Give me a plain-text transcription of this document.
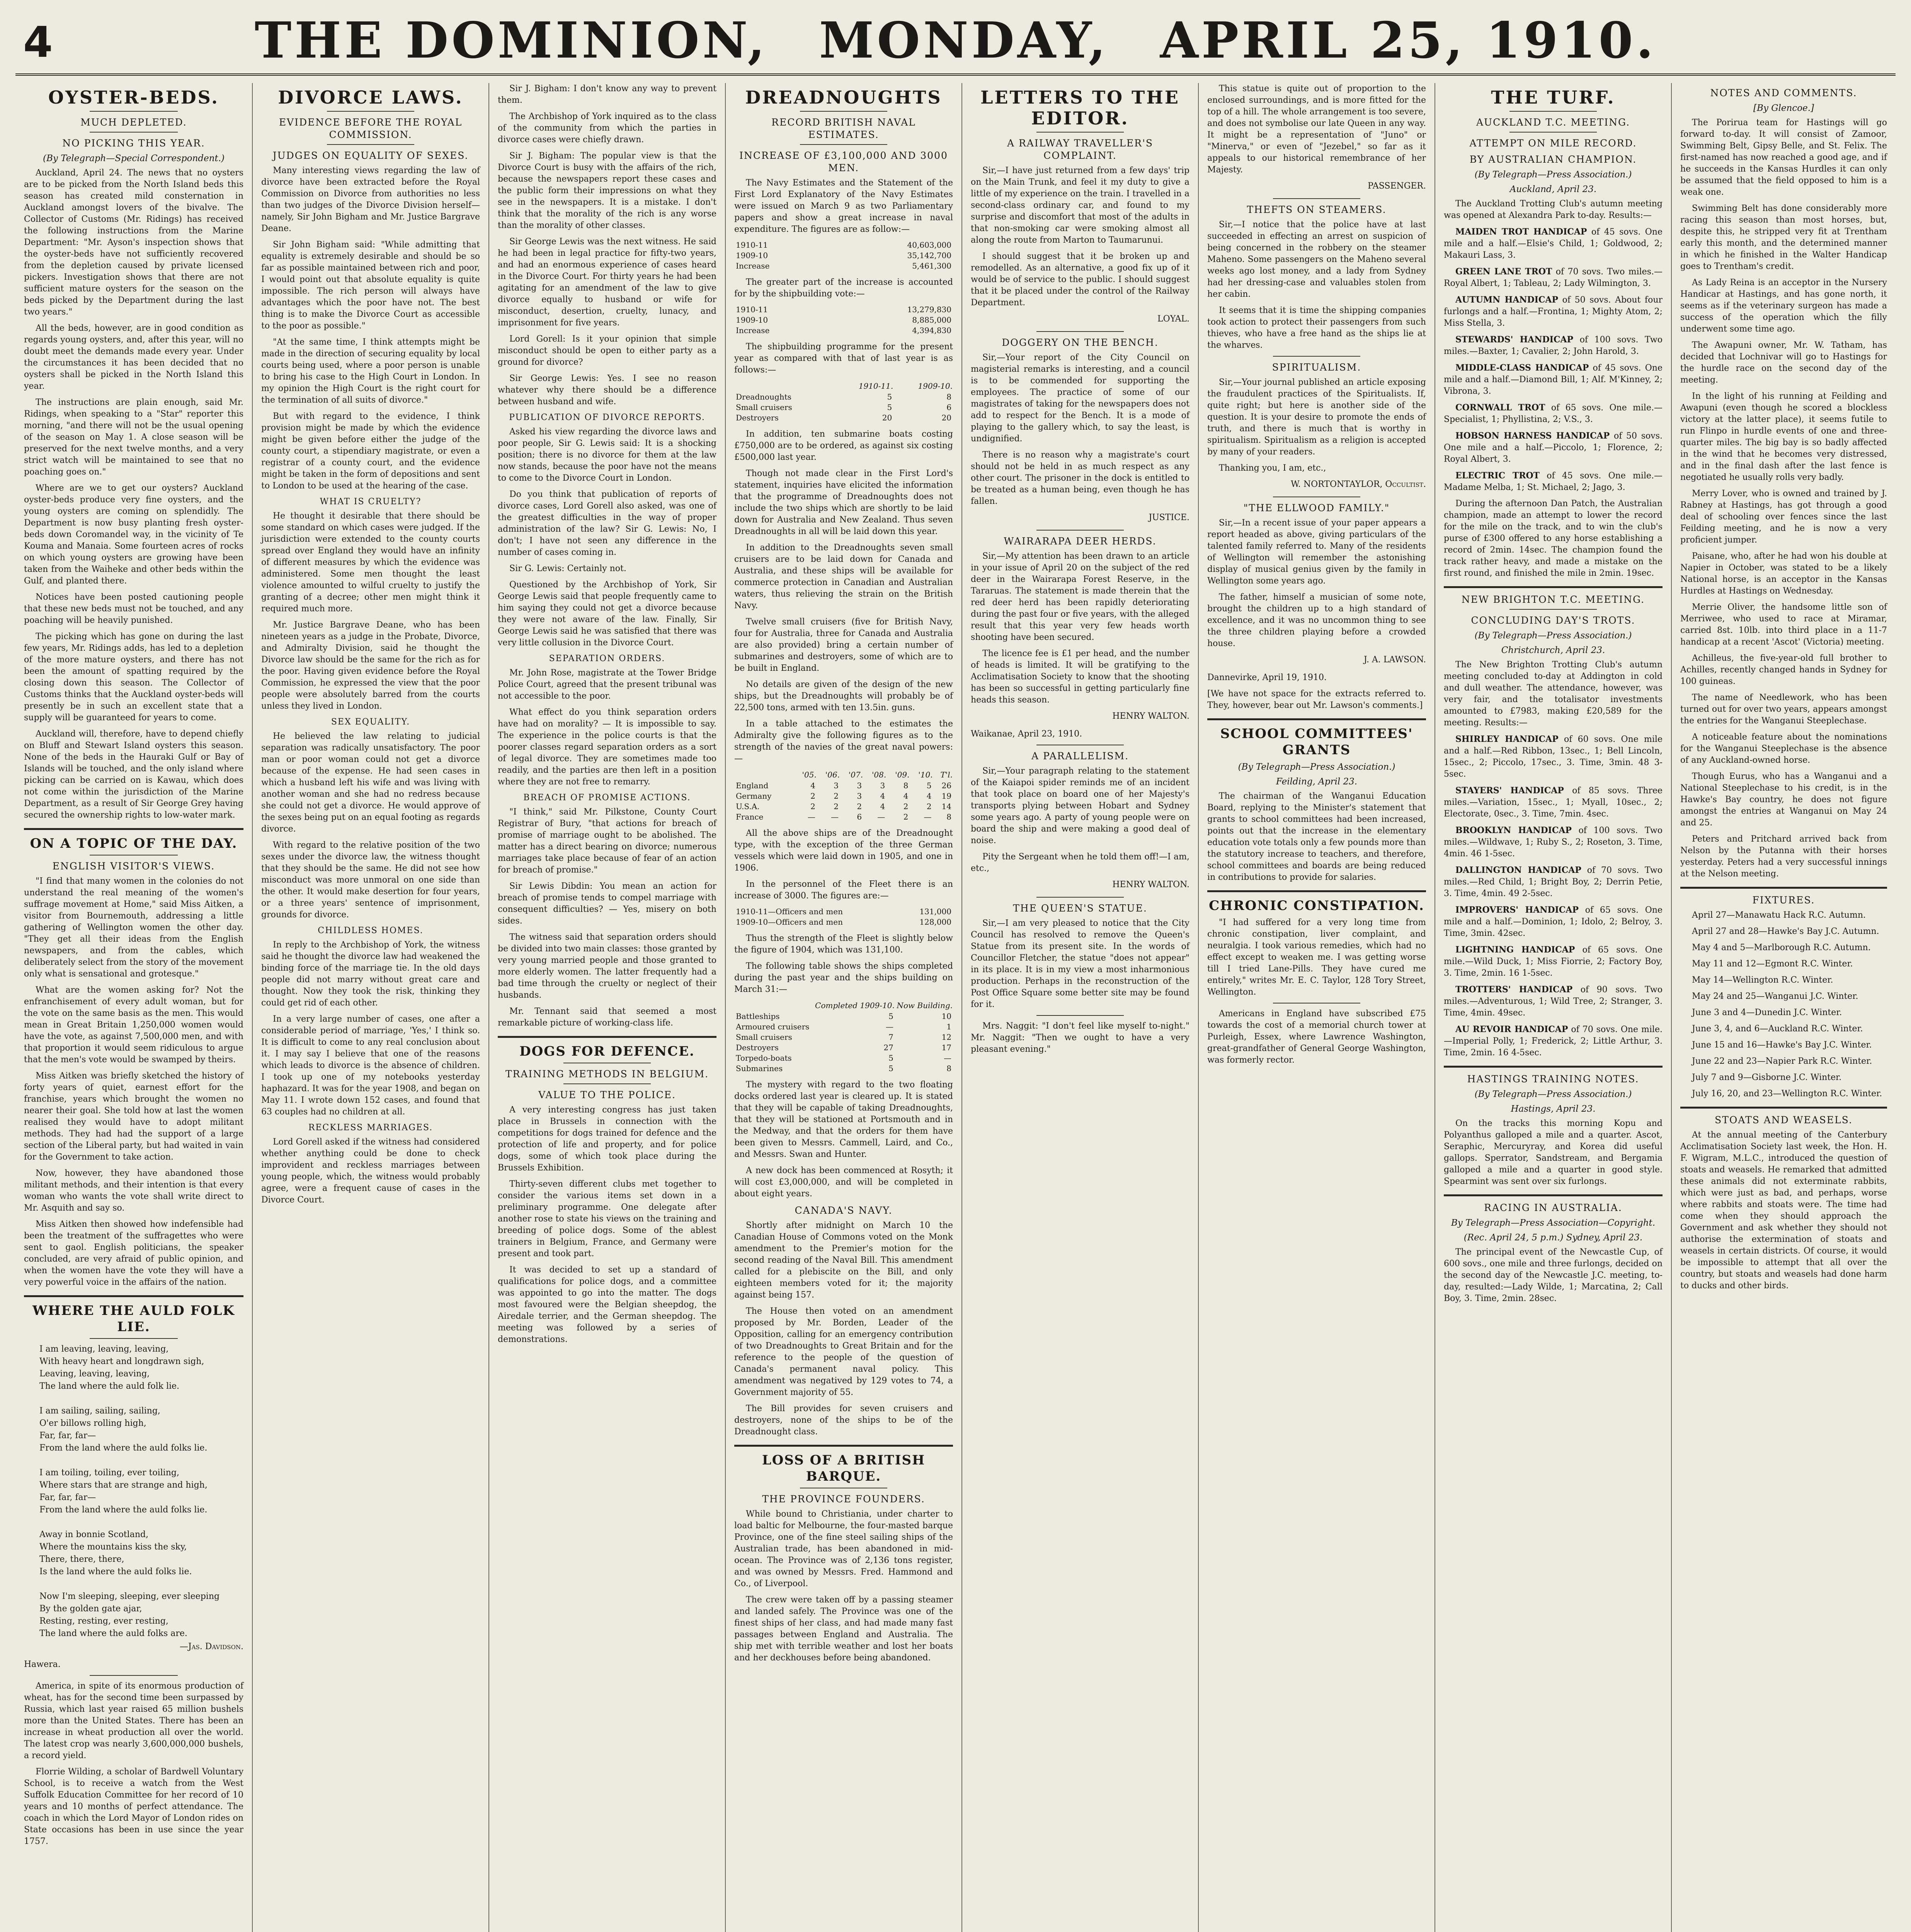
4	THE DOMINION, MONDAY, APRIL 25, 1910.
OYSTER-BEDS.
MUCH DEPLETED.
NO PICKING THIS YEAR.
(By Telegraph—Special Correspondent.)

Auckland, April 24. The news that no oysters are to be picked from the North Island beds this season has created mild consternation in Auckland amongst lovers of the bivalve. The Collector of Customs (Mr. Ridings) has received the following instructions from the Marine Department: "Mr. Ayson's inspection shows that the oyster-beds have not sufficiently recovered from the depletion caused by private licensed pickers. Investigation shows that there are not sufficient mature oysters for the season on the beds picked by the Department during the last two years."

All the beds, however, are in good condition as regards young oysters, and, after this year, will no doubt meet the demands made every year. Under the circumstances it has been decided that no oysters shall be picked in the North Island this year.

The instructions are plain enough, said Mr. Ridings, when speaking to a "Star" reporter this morning, "and there will not be the usual opening of the season on May 1. A close season will be preserved for the next twelve months, and a very strict watch will be maintained to see that no poaching goes on."

Where are we to get our oysters? Auckland oyster-beds produce very fine oysters, and the young oysters are coming on splendidly. The Department is now busy planting fresh oyster-beds down Coromandel way, in the vicinity of Te Kouma and Manaia. Some fourteen acres of rocks on which young oysters are growing have been taken from the Waiheke and other beds within the Gulf, and planted there.

Notices have been posted cautioning people that these new beds must not be touched, and any poaching will be heavily punished.

The picking which has gone on during the last few years, Mr. Ridings adds, has led to a depletion of the more mature oysters, and there has not been the amount of spatting required by the closing down this season. The Collector of Customs thinks that the Auckland oyster-beds will presently be in such an excellent state that a supply will be guaranteed for years to come.

Auckland will, therefore, have to depend chiefly on Bluff and Stewart Island oysters this season. None of the beds in the Hauraki Gulf or Bay of Islands will be touched, and the only island where picking can be carried on is Kawau, which does not come within the jurisdiction of the Marine Department, as a result of Sir George Grey having secured the ownership rights to low-water mark.

ON A TOPIC OF THE DAY.
ENGLISH VISITOR'S VIEWS.

"I find that many women in the colonies do not understand the real meaning of the women's suffrage movement at Home," said Miss Aitken, a visitor from Bournemouth, addressing a little gathering of Wellington women the other day. "They get all their ideas from the English newspapers, and from the cables, which deliberately select from the story of the movement only what is sensational and grotesque."

What are the women asking for? Not the enfranchisement of every adult woman, but for the vote on the same basis as the men. This would mean in Great Britain 1,250,000 women would have the vote, as against 7,500,000 men, and with that proportion it would seem ridiculous to argue that the men's vote would be swamped by theirs.

Miss Aitken was briefly sketched the history of forty years of quiet, earnest effort for the franchise, years which brought the women no nearer their goal. She told how at last the women realised they would have to adopt militant methods. They had had the support of a large section of the Liberal party, but had waited in vain for the Government to take action.

Now, however, they have abandoned those militant methods, and their intention is that every woman who wants the vote shall write direct to Mr. Asquith and say so.

Miss Aitken then showed how indefensible had been the treatment of the suffragettes who were sent to gaol. English politicians, the speaker concluded, are very afraid of public opinion, and when the women have the vote they will have a very powerful voice in the affairs of the nation.

WHERE THE AULD FOLK LIE.

I am leaving, leaving, leaving,

With heavy heart and longdrawn sigh,

Leaving, leaving, leaving,

The land where the auld folk lie.

I am sailing, sailing, sailing,

O'er billows rolling high,

Far, far, far—

From the land where the auld folks lie.

I am toiling, toiling, ever toiling,

Where stars that are strange and high,

Far, far, far—

From the land where the auld folks lie.

Away in bonnie Scotland,

Where the mountains kiss the sky,

There, there, there,

Is the land where the auld folks lie.

Now I'm sleeping, sleeping, ever sleeping

By the golden gate ajar,

Resting, resting, ever resting,

The land where the auld folks are.

—Jas. Davidson.

Hawera.

America, in spite of its enormous production of wheat, has for the second time been surpassed by Russia, which last year raised 65 million bushels more than the United States. There has been an increase in wheat production all over the world. The latest crop was nearly 3,600,000,000 bushels, a record yield.

Florrie Wilding, a scholar of Bardwell Voluntary School, is to receive a watch from the West Suffolk Education Committee for her record of 10 years and 10 months of perfect attendance. The coach in which the Lord Mayor of London rides on State occasions has been in use since the year 1757.

DIVORCE LAWS.
EVIDENCE BEFORE THE ROYAL COMMISSION.
JUDGES ON EQUALITY OF SEXES.

Many interesting views regarding the law of divorce have been extracted before the Royal Commission on Divorce from authorities no less than two judges of the Divorce Division herself—namely, Sir John Bigham and Mr. Justice Bargrave Deane.

Sir John Bigham said: "While admitting that equality is extremely desirable and should be so far as possible maintained between rich and poor, I would point out that absolute equality is quite impossible. The rich person will always have advantages which the poor have not. The best thing is to make the Divorce Court as accessible to the poor as possible."

"At the same time, I think attempts might be made in the direction of securing equality by local courts being used, where a poor person is unable to bring his case to the High Court in London. In my opinion the High Court is the right court for the termination of all suits of divorce."

But with regard to the evidence, I think provision might be made by which the evidence might be given before either the judge of the county court, a stipendiary magistrate, or even a registrar of a county court, and the evidence might be taken in the form of depositions and sent to London to be used at the hearing of the case.

WHAT IS CRUELTY?

He thought it desirable that there should be some standard on which cases were judged. If the jurisdiction were extended to the county courts spread over England they would have an infinity of different measures by which the evidence was administered. Some men thought the least violence amounted to wilful cruelty to justify the granting of a decree; other men might think it required much more.

Mr. Justice Bargrave Deane, who has been nineteen years as a judge in the Probate, Divorce, and Admiralty Division, said he thought the Divorce law should be the same for the rich as for the poor. Having given evidence before the Royal Commission, he expressed the view that the poor people were absolutely barred from the courts unless they lived in London.

SEX EQUALITY.

He believed the law relating to judicial separation was radically unsatisfactory. The poor man or poor woman could not get a divorce because of the expense. He had seen cases in which a husband left his wife and was living with another woman and she had no redress because she could not get a divorce. He would approve of the sexes being put on an equal footing as regards divorce.

With regard to the relative position of the two sexes under the divorce law, the witness thought that they should be the same. He did not see how misconduct was more unmoral on one side than the other. It would make desertion for four years, or a three years' sentence of imprisonment, grounds for divorce.

CHILDLESS HOMES.

In reply to the Archbishop of York, the witness said he thought the divorce law had weakened the binding force of the marriage tie. In the old days people did not marry without great care and thought. Now they took the risk, thinking they could get rid of each other.

In a very large number of cases, one after a considerable period of marriage, 'Yes,' I think so. It is difficult to come to any real conclusion about it. I may say I believe that one of the reasons which leads to divorce is the absence of children. I took up one of my notebooks yesterday haphazard. It was for the year 1908, and began on May 11. I wrote down 152 cases, and found that 63 couples had no children at all.

RECKLESS MARRIAGES.

Lord Gorell asked if the witness had considered whether anything could be done to check improvident and reckless marriages between young people, which, the witness would probably agree, were a frequent cause of cases in the Divorce Court.

Sir J. Bigham: I don't know any way to prevent them.

The Archbishop of York inquired as to the class of the community from which the parties in divorce cases were chiefly drawn.

Sir J. Bigham: The popular view is that the Divorce Court is busy with the affairs of the rich, because the newspapers report these cases and the public form their impressions on what they see in the newspapers. It is a mistake. I don't think that the morality of the rich is any worse than the morality of other classes.

Sir George Lewis was the next witness. He said he had been in legal practice for fifty-two years, and had an enormous experience of cases heard in the Divorce Court. For thirty years he had been agitating for an amendment of the law to give divorce equally to husband or wife for misconduct, desertion, cruelty, lunacy, and imprisonment for five years.

Lord Gorell: Is it your opinion that simple misconduct should be open to either party as a ground for divorce?

Sir George Lewis: Yes. I see no reason whatever why there should be a difference between husband and wife.

PUBLICATION OF DIVORCE REPORTS.

Asked his view regarding the divorce laws and poor people, Sir G. Lewis said: It is a shocking position; there is no divorce for them at the law now stands, because the poor have not the means to come to the Divorce Court in London.

Do you think that publication of reports of divorce cases, Lord Gorell also asked, was one of the greatest difficulties in the way of proper administration of the law? Sir G. Lewis: No, I don't; I have not seen any difference in the number of cases coming in.

Sir G. Lewis: Certainly not.

Questioned by the Archbishop of York, Sir George Lewis said that people frequently came to him saying they could not get a divorce because they were not aware of the law. Finally, Sir George Lewis said he was satisfied that there was very little collusion in the Divorce Court.

SEPARATION ORDERS.

Mr. John Rose, magistrate at the Tower Bridge Police Court, agreed that the present tribunal was not accessible to the poor.

What effect do you think separation orders have had on morality? — It is impossible to say. The experience in the police courts is that the poorer classes regard separation orders as a sort of legal divorce. They are sometimes made too readily, and the parties are then left in a position where they are not free to remarry.

BREACH OF PROMISE ACTIONS.

"I think," said Mr. Pilkstone, County Court Registrar of Bury, "that actions for breach of promise of marriage ought to be abolished. The matter has a direct bearing on divorce; numerous marriages take place because of fear of an action for breach of promise."

Sir Lewis Dibdin: You mean an action for breach of promise tends to compel marriage with consequent difficulties? — Yes, misery on both sides.

The witness said that separation orders should be divided into two main classes: those granted by very young married people and those granted to more elderly women. The latter frequently had a bad time through the cruelty or neglect of their husbands.

Mr. Tennant said that seemed a most remarkable picture of working-class life.

DOGS FOR DEFENCE.
TRAINING METHODS IN BELGIUM.
VALUE TO THE POLICE.

A very interesting congress has just taken place in Brussels in connection with the competitions for dogs trained for defence and the protection of life and property, and for police dogs, some of which took place during the Brussels Exhibition.

Thirty-seven different clubs met together to consider the various items set down in a preliminary programme. One delegate after another rose to state his views on the training and breeding of police dogs. Some of the ablest trainers in Belgium, France, and Germany were present and took part.

It was decided to set up a standard of qualifications for police dogs, and a committee was appointed to go into the matter. The dogs most favoured were the Belgian sheepdog, the Airedale terrier, and the German sheepdog. The meeting was followed by a series of demonstrations.

DREADNOUGHTS
RECORD BRITISH NAVAL ESTIMATES.
INCREASE OF £3,100,000 AND 3000 MEN.

The Navy Estimates and the Statement of the First Lord Explanatory of the Navy Estimates were issued on March 9 as two Parliamentary papers and show a great increase in naval expenditure. The figures are as follow:—

1910-11	40,603,000
1909-10	35,142,700
Increase	5,461,300

The greater part of the increase is accounted for by the shipbuilding vote:—

1910-11	13,279,830
1909-10	8,885,000
Increase	4,394,830

The shipbuilding programme for the present year as compared with that of last year is as follows:—

	1910-11.	1909-10.
Dreadnoughts	5	8
Small cruisers	5	6
Destroyers	20	20

In addition, ten submarine boats costing £750,000 are to be ordered, as against six costing £500,000 last year.

Though not made clear in the First Lord's statement, inquiries have elicited the information that the programme of Dreadnoughts does not include the two ships which are shortly to be laid down for Australia and New Zealand. Thus seven Dreadnoughts in all will be laid down this year.

In addition to the Dreadnoughts seven small cruisers are to be laid down for Canada and Australia, and these ships will be available for commerce protection in Canadian and Australian waters, thus relieving the strain on the British Navy.

Twelve small cruisers (five for British Navy, four for Australia, three for Canada and Australia are also provided) bring a certain number of submarines and destroyers, some of which are to be built in England.

No details are given of the design of the new ships, but the Dreadnoughts will probably be of 22,500 tons, armed with ten 13.5in. guns.

In a table attached to the estimates the Admiralty give the following figures as to the strength of the navies of the great naval powers:—

	'05.	'06.	'07.	'08.	'09.	'10.	T'l.
England	4	3	3	3	8	5	26
Germany	2	2	3	4	4	4	19
U.S.A.	2	2	2	4	2	2	14
France	—	—	6	—	2	—	8

All the above ships are of the Dreadnought type, with the exception of the three German vessels which were laid down in 1905, and one in 1906.

In the personnel of the Fleet there is an increase of 3000. The figures are:—

1910-11—Officers and men	131,000
1909-10—Officers and men	128,000

Thus the strength of the Fleet is slightly below the figure of 1904, which was 131,100.

The following table shows the ships completed during the past year and the ships building on March 31:—

	Completed 1909-10.	Now Building.
Battleships	5	10
Armoured cruisers	—	1
Small cruisers	7	12
Destroyers	27	17
Torpedo-boats	5	—
Submarines	5	8

The mystery with regard to the two floating docks ordered last year is cleared up. It is stated that they will be capable of taking Dreadnoughts, that they will be stationed at Portsmouth and in the Medway, and that the orders for them have been given to Messrs. Cammell, Laird, and Co., and Messrs. Swan and Hunter.

A new dock has been commenced at Rosyth; it will cost £3,000,000, and will be completed in about eight years.

CANADA'S NAVY.

Shortly after midnight on March 10 the Canadian House of Commons voted on the Monk amendment to the Premier's motion for the second reading of the Naval Bill. This amendment called for a plebiscite on the Bill, and only eighteen members voted for it; the majority against being 157.

The House then voted on an amendment proposed by Mr. Borden, Leader of the Opposition, calling for an emergency contribution of two Dreadnoughts to Great Britain and for the reference to the people of the question of Canada's permanent naval policy. This amendment was negatived by 129 votes to 74, a Government majority of 55.

The Bill provides for seven cruisers and destroyers, none of the ships to be of the Dreadnought class.

LOSS OF A BRITISH BARQUE.
THE PROVINCE FOUNDERS.

While bound to Christiania, under charter to load baltic for Melbourne, the four-masted barque Province, one of the fine steel sailing ships of the Australian trade, has been abandoned in mid-ocean. The Province was of 2,136 tons register, and was owned by Messrs. Fred. Hammond and Co., of Liverpool.

The crew were taken off by a passing steamer and landed safely. The Province was one of the finest ships of her class, and had made many fast passages between England and Australia. The ship met with terrible weather and lost her boats and her deckhouses before being abandoned.

LETTERS TO THE EDITOR.
A RAILWAY TRAVELLER'S COMPLAINT.

Sir,—I have just returned from a few days' trip on the Main Trunk, and feel it my duty to give a little of my experience on the train. I travelled in a second-class ordinary car, and found to my surprise and discomfort that most of the adults in that non-smoking car were smoking almost all along the route from Marton to Taumarunui.

I should suggest that it be broken up and remodelled. As an alternative, a good fix up of it would be of service to the public. I should suggest that it be placed under the control of the Railway Department.

LOYAL.
DOGGERY ON THE BENCH.

Sir,—Your report of the City Council on magisterial remarks is interesting, and a council is to be commended for supporting the employees. The practice of some of our magistrates of taking for the newspapers does not add to respect for the Bench. It is a mode of playing to the gallery which, to say the least, is undignified.

There is no reason why a magistrate's court should not be held in as much respect as any other court. The prisoner in the dock is entitled to be treated as a human being, even though he has fallen.

JUSTICE.
WAIRARAPA DEER HERDS.

Sir,—My attention has been drawn to an article in your issue of April 20 on the subject of the red deer in the Wairarapa Forest Reserve, in the Tararuas. The statement is made therein that the red deer herd has been rapidly deteriorating during the past four or five years, with the alleged result that this year very few heads worth shooting have been secured.

The licence fee is £1 per head, and the number of heads is limited. It will be gratifying to the Acclimatisation Society to know that the shooting has been so successful in getting particularly fine heads this season.

HENRY WALTON.

Waikanae, April 23, 1910.

A PARALLELISM.

Sir,—Your paragraph relating to the statement of the Kaiapoi spider reminds me of an incident that took place on board one of her Majesty's transports plying between Hobart and Sydney some years ago. A party of young people were on board the ship and were making a good deal of noise.

Pity the Sergeant when he told them off!—I am, etc.,

HENRY WALTON.
THE QUEEN'S STATUE.

Sir,—I am very pleased to notice that the City Council has resolved to remove the Queen's Statue from its present site. In the words of Councillor Fletcher, the statue "does not appear" in its place. It is in my view a most inharmonious production. Perhaps in the reconstruction of the Post Office Square some better site may be found for it.

Mrs. Naggit: "I don't feel like myself to-night." Mr. Naggit: "Then we ought to have a very pleasant evening."

This statue is quite out of proportion to the enclosed surroundings, and is more fitted for the top of a hill. The whole arrangement is too severe, and does not symbolise our late Queen in any way. It might be a representation of "Juno" or "Minerva," or even of "Jezebel," so far as it appeals to our historical remembrance of her Majesty.

PASSENGER.
THEFTS ON STEAMERS.

Sir,—I notice that the police have at last succeeded in effecting an arrest on suspicion of being concerned in the robbery on the steamer Maheno. Some passengers on the Maheno several weeks ago lost money, and a lady from Sydney had her dressing-case and valuables stolen from her cabin.

It seems that it is time the shipping companies took action to protect their passengers from such thieves, who have a free hand as the ships lie at the wharves.

SPIRITUALISM.

Sir,—Your journal published an article exposing the fraudulent practices of the Spiritualists. If, quite right; but here is another side of the question. It is your desire to promote the ends of truth, and there is much that is worthy in spiritualism. Spiritualism as a religion is accepted by many of your readers.

Thanking you, I am, etc.,

W. NORTONTAYLOR, Occultist.
"THE ELLWOOD FAMILY."

Sir,—In a recent issue of your paper appears a report headed as above, giving particulars of the talented family referred to. Many of the residents of Wellington will remember the astonishing display of musical genius given by the family in Wellington some years ago.

The father, himself a musician of some note, brought the children up to a high standard of excellence, and it was no uncommon thing to see the three children playing before a crowded house.

J. A. LAWSON.

Dannevirke, April 19, 1910.

[We have not space for the extracts referred to. They, however, bear out Mr. Lawson's comments.]

SCHOOL COMMITTEES' GRANTS
(By Telegraph—Press Association.)
Feilding, April 23.

The chairman of the Wanganui Education Board, replying to the Minister's statement that grants to school committees had been increased, points out that the increase in the elementary education vote totals only a few pounds more than the statutory increase to teachers, and therefore, school committees and boards are being reduced in contributions to provide for salaries.

CHRONIC CONSTIPATION.

"I had suffered for a very long time from chronic constipation, liver complaint, and neuralgia. I took various remedies, which had no effect except to weaken me. I was getting worse till I tried Lane-Pills. They have cured me entirely," writes Mr. E. C. Taylor, 128 Tory Street, Wellington.

Americans in England have subscribed £75 towards the cost of a memorial church tower at Purleigh, Essex, where Lawrence Washington, great-grandfather of General George Washington, was formerly rector.

THE TURF.
AUCKLAND T.C. MEETING.
ATTEMPT ON MILE RECORD.
BY AUSTRALIAN CHAMPION.
(By Telegraph—Press Association.)
Auckland, April 23.

The Auckland Trotting Club's autumn meeting was opened at Alexandra Park to-day. Results:—

MAIDEN TROT HANDICAP of 45 sovs. One mile and a half.—Elsie's Child, 1; Goldwood, 2; Makauri Lass, 3.

GREEN LANE TROT of 70 sovs. Two miles.—Royal Albert, 1; Tableau, 2; Lady Wilmington, 3.

AUTUMN HANDICAP of 50 sovs. About four furlongs and a half.—Frontina, 1; Mighty Atom, 2; Miss Stella, 3.

STEWARDS' HANDICAP of 100 sovs. Two miles.—Baxter, 1; Cavalier, 2; John Harold, 3.

MIDDLE-CLASS HANDICAP of 45 sovs. One mile and a half.—Diamond Bill, 1; Alf. M'Kinney, 2; Vibrona, 3.

CORNWALL TROT of 65 sovs. One mile.—Specialist, 1; Phyllistina, 2; V.S., 3.

HOBSON HARNESS HANDICAP of 50 sovs. One mile and a half.—Piccolo, 1; Florence, 2; Royal Albert, 3.

ELECTRIC TROT of 45 sovs. One mile.—Madame Melba, 1; St. Michael, 2; Jago, 3.

During the afternoon Dan Patch, the Australian champion, made an attempt to lower the record for the mile on the track, and to win the club's purse of £300 offered to any horse establishing a record of 2min. 14sec. The champion found the track rather heavy, and made a mistake on the first round, and finished the mile in 2min. 19sec.

NEW BRIGHTON T.C. MEETING.
CONCLUDING DAY'S TROTS.
(By Telegraph—Press Association.)
Christchurch, April 23.

The New Brighton Trotting Club's autumn meeting concluded to-day at Addington in cold and dull weather. The attendance, however, was very fair, and the totalisator investments amounted to £7983, making £20,589 for the meeting. Results:—

SHIRLEY HANDICAP of 60 sovs. One mile and a half.—Red Ribbon, 13sec., 1; Bell Lincoln, 15sec., 2; Piccolo, 17sec., 3. Time, 3min. 48 3-5sec.

STAYERS' HANDICAP of 85 sovs. Three miles.—Variation, 15sec., 1; Myall, 10sec., 2; Electorate, 0sec., 3. Time, 7min. 4sec.

BROOKLYN HANDICAP of 100 sovs. Two miles.—Wildwave, 1; Ruby S., 2; Roseton, 3. Time, 4min. 46 1-5sec.

DALLINGTON HANDICAP of 70 sovs. Two miles.—Red Child, 1; Bright Boy, 2; Derrin Petie, 3. Time, 4min. 49 2-5sec.

IMPROVERS' HANDICAP of 65 sovs. One mile and a half.—Dominion, 1; Idolo, 2; Belroy, 3. Time, 3min. 42sec.

LIGHTNING HANDICAP of 65 sovs. One mile.—Wild Duck, 1; Miss Fiorrie, 2; Factory Boy, 3. Time, 2min. 16 1-5sec.

TROTTERS' HANDICAP of 90 sovs. Two miles.—Adventurous, 1; Wild Tree, 2; Stranger, 3. Time, 4min. 49sec.

AU REVOIR HANDICAP of 70 sovs. One mile.—Imperial Polly, 1; Frederick, 2; Little Arthur, 3. Time, 2min. 16 4-5sec.

HASTINGS TRAINING NOTES.
(By Telegraph—Press Association.)
Hastings, April 23.

On the tracks this morning Kopu and Polyanthus galloped a mile and a quarter. Ascot, Seraphic, Mercuryray, and Korea did useful gallops. Sperrator, Sandstream, and Bergamia galloped a mile and a quarter in good style. Spearmint was sent over six furlongs.

RACING IN AUSTRALIA.
By Telegraph—Press Association—Copyright.
(Rec. April 24, 5 p.m.) Sydney, April 23.

The principal event of the Newcastle Cup, of 600 sovs., one mile and three furlongs, decided on the second day of the Newcastle J.C. meeting, to-day, resulted:—Lady Wilde, 1; Marcatina, 2; Call Boy, 3. Time, 2min. 28sec.

NOTES AND COMMENTS.
[By Glencoe.]

The Porirua team for Hastings will go forward to-day. It will consist of Zamoor, Swimming Belt, Gipsy Belle, and St. Felix. The first-named has now reached a good age, and if he succeeds in the Kansas Hurdles it can only be assumed that the field opposed to him is a weak one.

Swimming Belt has done considerably more racing this season than most horses, but, despite this, he stripped very fit at Trentham early this month, and the determined manner in which he finished in the Walter Handicap goes to Trentham's credit.

As Lady Reina is an acceptor in the Nursery Handicar at Hastings, and has gone north, it seems as if the veterinary surgeon has made a success of the operation which the filly underwent some time ago.

The Awapuni owner, Mr. W. Tatham, has decided that Lochnivar will go to Hastings for the hurdle race on the second day of the meeting.

In the light of his running at Feilding and Awapuni (even though he scored a blockless victory at the latter place), it seems futile to run Flinpo in hurdle events of one and three-quarter miles. The big bay is so badly affected in the wind that he becomes very distressed, and in the final dash after the last fence is negotiated he usually rolls very badly.

Merry Lover, who is owned and trained by J. Rabney at Hastings, has got through a good deal of schooling over fences since the last Feilding meeting, and he is now a very proficient jumper.

Paisane, who, after he had won his double at Napier in October, was stated to be a likely National horse, is an acceptor in the Kansas Hurdles at Hastings on Wednesday.

Merrie Oliver, the handsome little son of Merriwee, who used to race at Miramar, carried 8st. 10lb. into third place in a 11-7 handicap at a recent 'Ascot' (Victoria) meeting.

Achilleus, the five-year-old full brother to Achilles, recently changed hands in Sydney for 100 guineas.

The name of Needlework, who has been turned out for over two years, appears amongst the entries for the Wanganui Steeplechase.

A noticeable feature about the nominations for the Wanganui Steeplechase is the absence of any Auckland-owned horse.

Though Eurus, who has a Wanganui and a National Steeplechase to his credit, is in the Hawke's Bay country, he does not figure amongst the entries at Wanganui on May 24 and 25.

Peters and Pritchard arrived back from Nelson by the Putanna with their horses yesterday. Peters had a very successful innings at the Nelson meeting.

FIXTURES.

April 27—Manawatu Hack R.C. Autumn.

April 27 and 28—Hawke's Bay J.C. Autumn.

May 4 and 5—Marlborough R.C. Autumn.

May 11 and 12—Egmont R.C. Winter.

May 14—Wellington R.C. Winter.

May 24 and 25—Wanganui J.C. Winter.

June 3 and 4—Dunedin J.C. Winter.

June 3, 4, and 6—Auckland R.C. Winter.

June 15 and 16—Hawke's Bay J.C. Winter.

June 22 and 23—Napier Park R.C. Winter.

July 7 and 9—Gisborne J.C. Winter.

July 16, 20, and 23—Wellington R.C. Winter.

STOATS AND WEASELS.

At the annual meeting of the Canterbury Acclimatisation Society last week, the Hon. H. F. Wigram, M.L.C., introduced the question of stoats and weasels. He remarked that admitted these animals did not exterminate rabbits, which were just as bad, and perhaps, worse where rabbits and stoats were. The time had come when they should approach the Government and ask whether they should not authorise the extermination of stoats and weasels in certain districts. Of course, it would be impossible to attempt that all over the country, but stoats and weasels had done harm to ducks and other birds.
